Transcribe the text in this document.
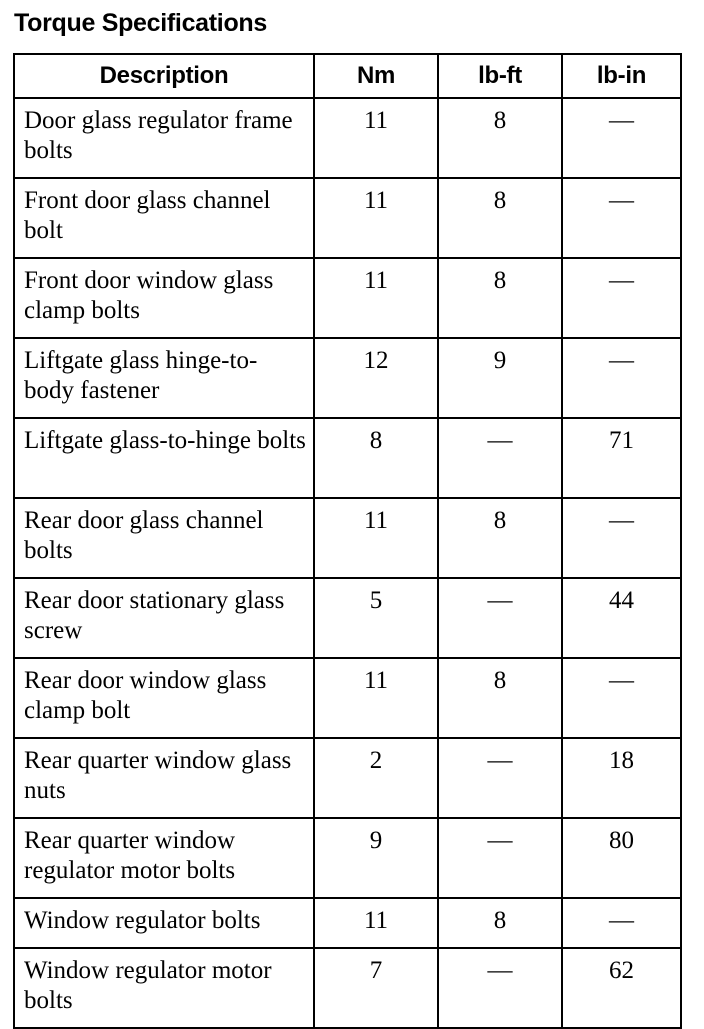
Torque Specifications
Description	Nm	lb-ft	lb-in
Door glass regulator frame bolts	11	8	—
Front door glass channel bolt	11	8	—
Front door window glass clamp bolts	11	8	—
Liftgate glass hinge-to-body fastener	12	9	—
Liftgate glass-to-hinge bolts	8	—	71
Rear door glass channel bolts	11	8	—
Rear door stationary glass screw	5	—	44
Rear door window glass clamp bolt	11	8	—
Rear quarter window glass nuts	2	—	18
Rear quarter window regulator motor bolts	9	—	80
Window regulator bolts	11	8	—
Window regulator motor bolts	7	—	62
